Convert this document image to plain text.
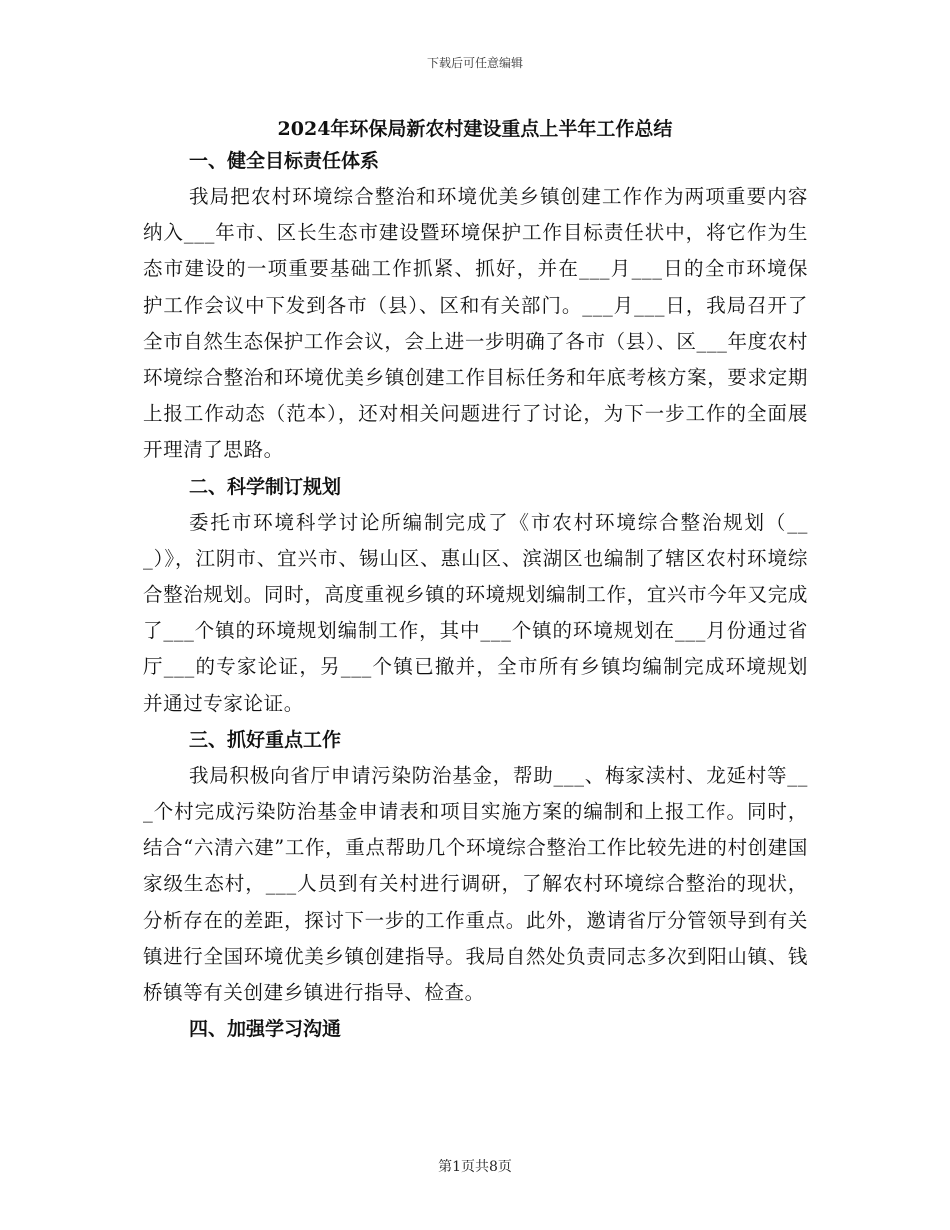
下载后可任意编辑
2024年环保局新农村建设重点上半年工作总结
一、健全目标责任体系

我局把农村环境综合整治和环境优美乡镇创建工作作为两项重要内容纳入___年市、区长生态市建设暨环境保护工作目标责任状中，将它作为生态市建设的一项重要基础工作抓紧、抓好，并在___月___日的全市环境保护工作会议中下发到各市（县）、区和有关部门。___月___日，我局召开了全市自然生态保护工作会议，会上进一步明确了各市（县）、区___年度农村环境综合整治和环境优美乡镇创建工作目标任务和年底考核方案，要求定期上报工作动态（范本），还对相关问题进行了讨论，为下一步工作的全面展开理清了思路。

二、科学制订规划

委托市环境科学讨论所编制完成了《市农村环境综合整治规划（___）》，江阴市、宜兴市、锡山区、惠山区、滨湖区也编制了辖区农村环境综合整治规划。同时，高度重视乡镇的环境规划编制工作，宜兴市今年又完成了___个镇的环境规划编制工作，其中___个镇的环境规划在___月份通过省厅___的专家论证，另___个镇已撤并，全市所有乡镇均编制完成环境规划并通过专家论证。

三、抓好重点工作

我局积极向省厅申请污染防治基金，帮助___、梅家渎村、龙延村等___个村完成污染防治基金申请表和项目实施方案的编制和上报工作。同时，结合“六清六建”工作，重点帮助几个环境综合整治工作比较先进的村创建国家级生态村，___人员到有关村进行调研，了解农村环境综合整治的现状，分析存在的差距，探讨下一步的工作重点。此外，邀请省厅分管领导到有关镇进行全国环境优美乡镇创建指导。我局自然处负责同志多次到阳山镇、钱桥镇等有关创建乡镇进行指导、检查。

四、加强学习沟通
第1页共8页
